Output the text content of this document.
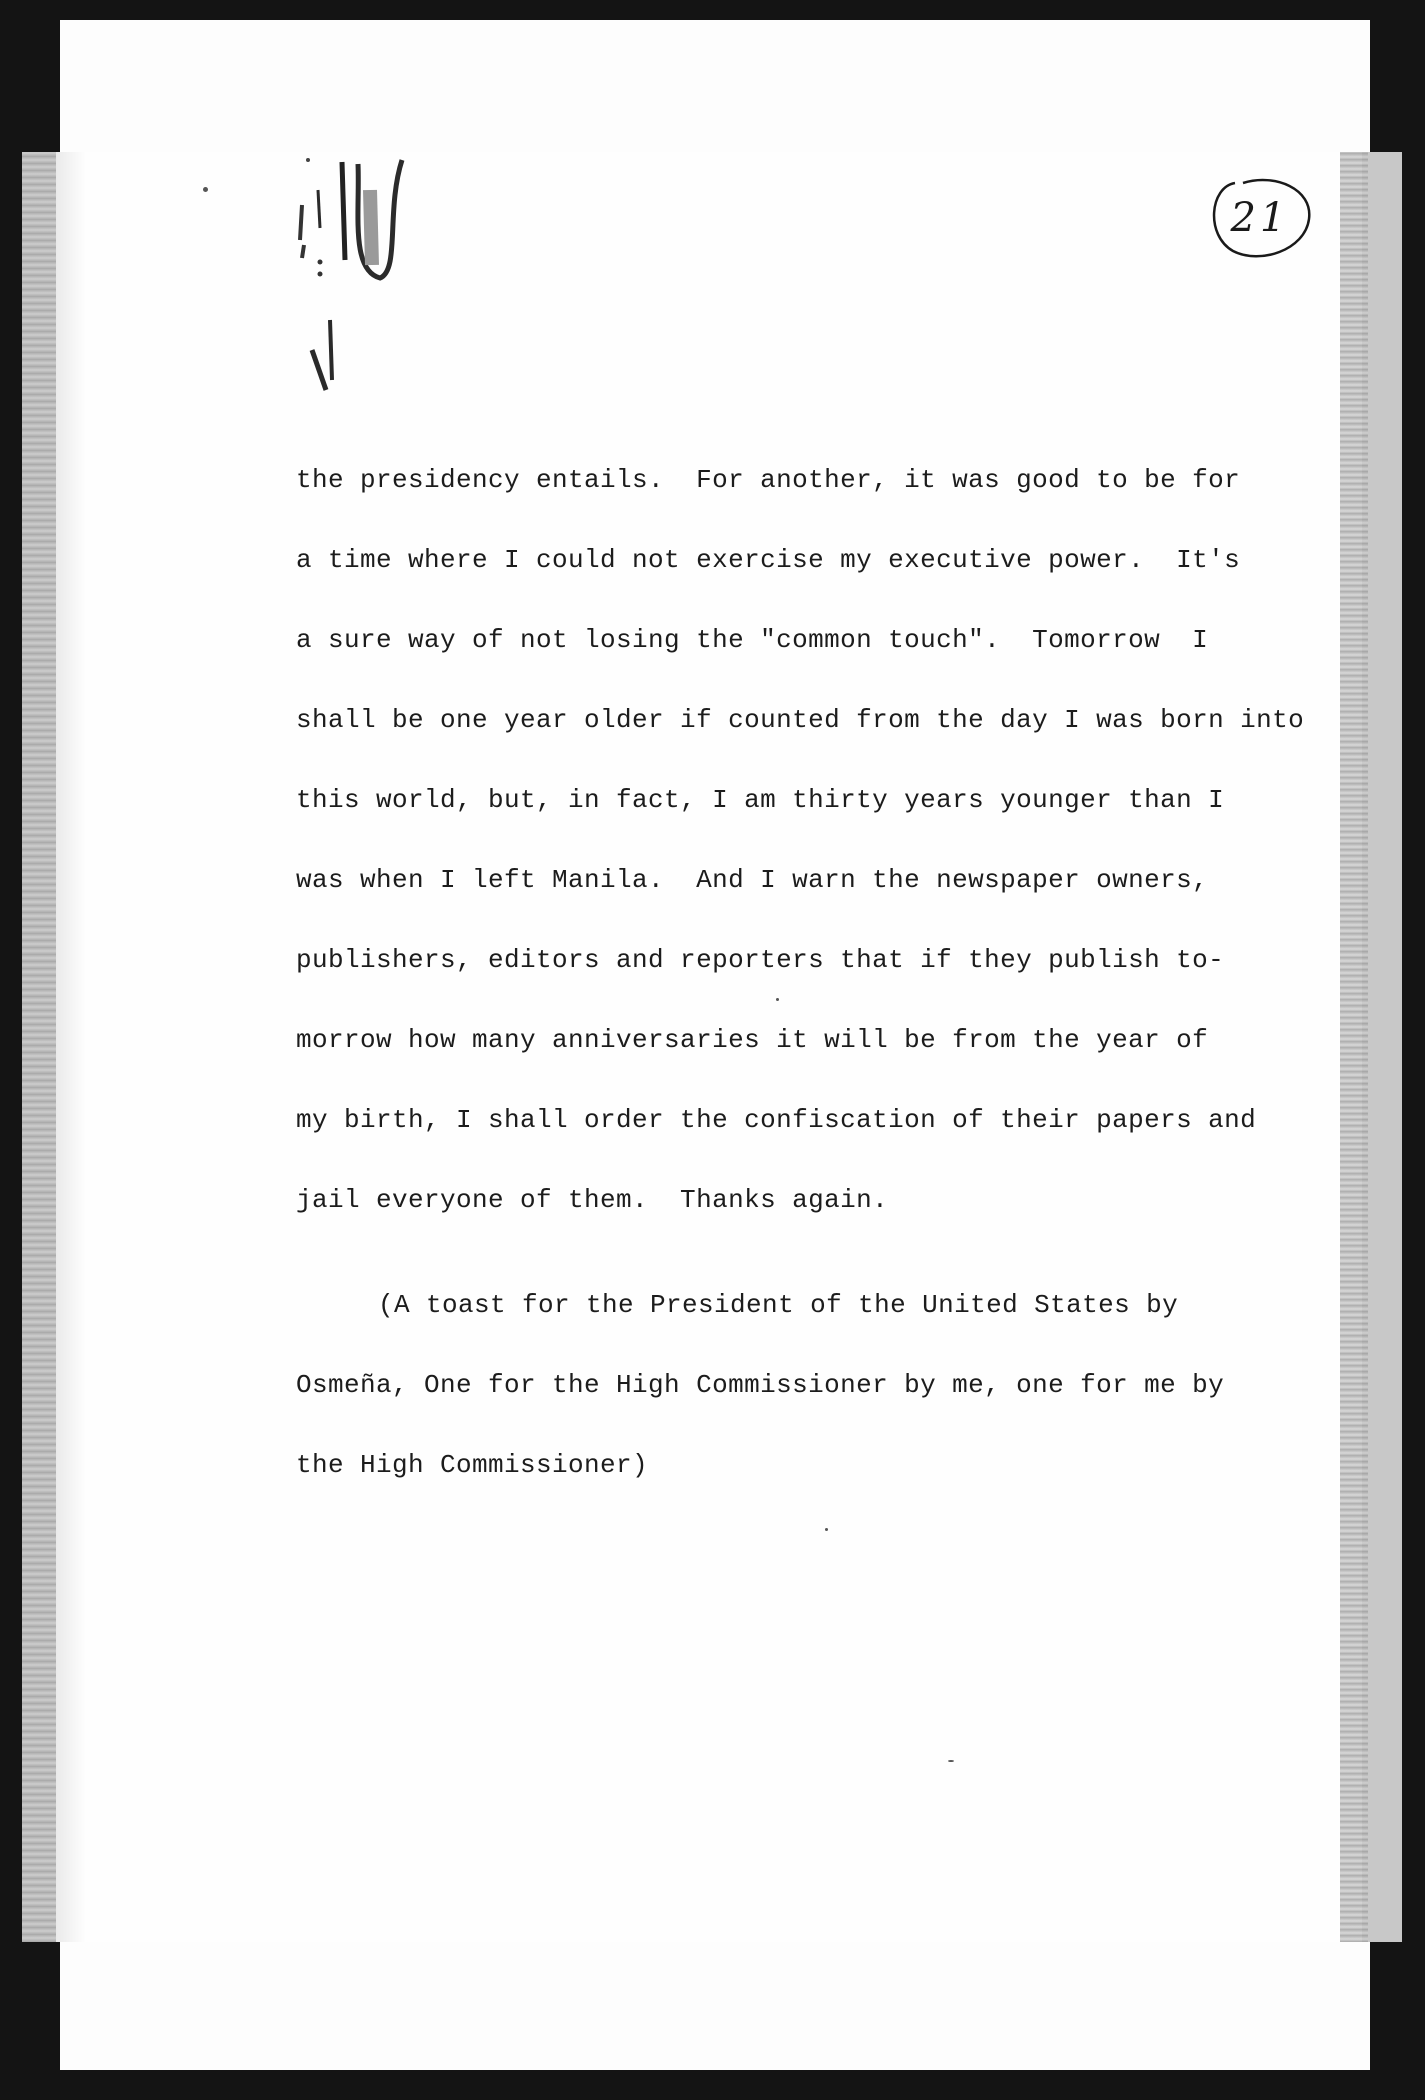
21
the presidency entails.  For another, it was good to be for
a time where I could not exercise my executive power.  It's
a sure way of not losing the "common touch".  Tomorrow  I
shall be one year older if counted from the day I was born into
this world, but, in fact, I am thirty years younger than I
was when I left Manila.  And I warn the newspaper owners,
publishers, editors and reporters that if they publish to-
morrow how many anniversaries it will be from the year of
my birth, I shall order the confiscation of their papers and
jail everyone of them.  Thanks again.
(A toast for the President of the United States by
Osmeña, One for the High Commissioner by me, one for me by
the High Commissioner)
